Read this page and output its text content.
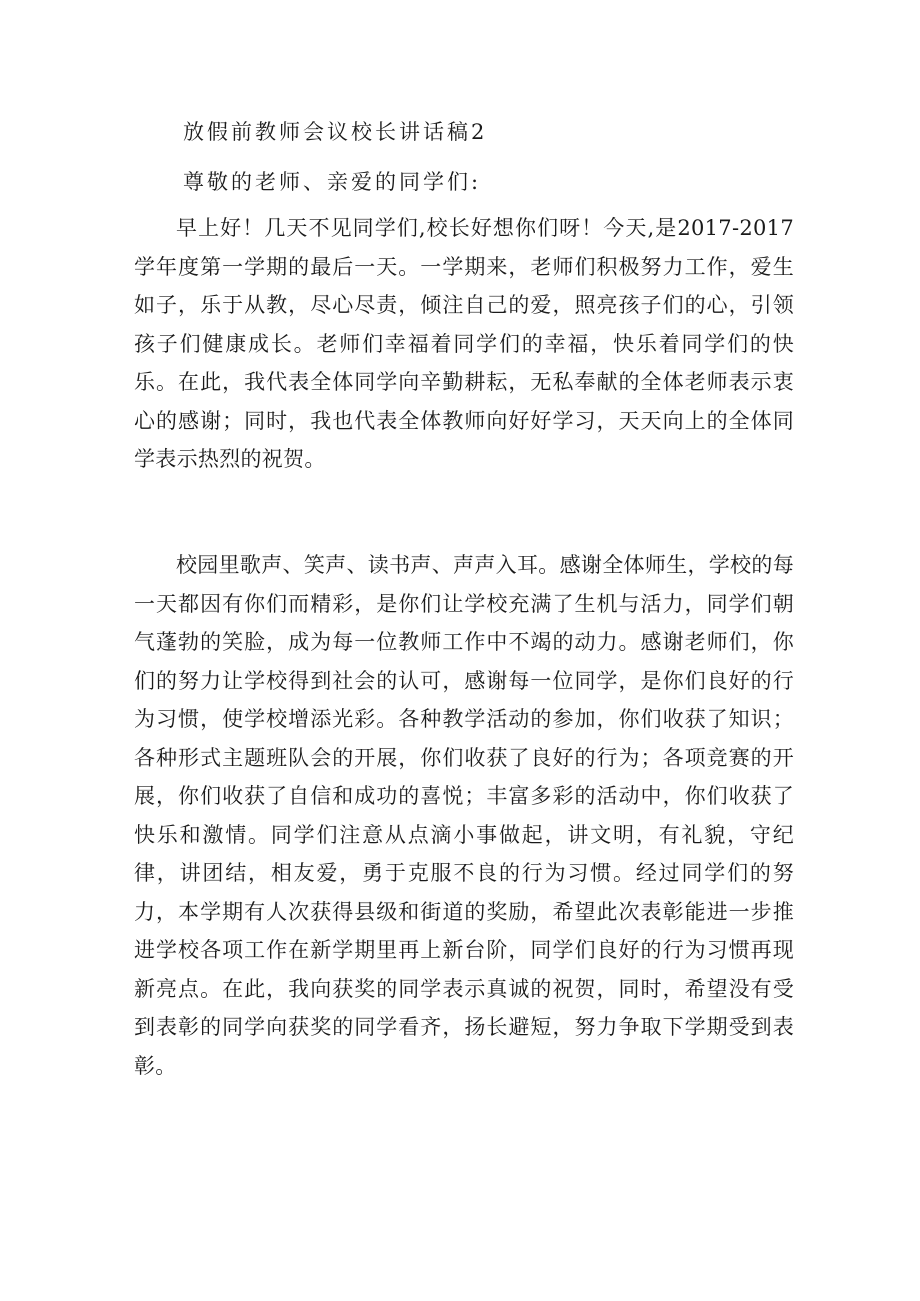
放假前教师会议校长讲话稿2
尊敬的老师、亲爱的同学们:

早上好！几天不见同学们,校长好想你们呀！今天,是2017-2017学年度第一学期的最后一天。一学期来，老师们积极努力工作，爱生如子，乐于从教，尽心尽责，倾注自己的爱，照亮孩子们的心，引领孩子们健康成长。老师们幸福着同学们的幸福，快乐着同学们的快乐。在此，我代表全体同学向辛勤耕耘，无私奉献的全体老师表示衷心的感谢；同时，我也代表全体教师向好好学习，天天向上的全体同学表示热烈的祝贺。

校园里歌声、笑声、读书声、声声入耳。感谢全体师生，学校的每一天都因有你们而精彩，是你们让学校充满了生机与活力，同学们朝气蓬勃的笑脸，成为每一位教师工作中不竭的动力。感谢老师们，你们的努力让学校得到社会的认可，感谢每一位同学，是你们良好的行为习惯，使学校增添光彩。各种教学活动的参加，你们收获了知识；各种形式主题班队会的开展，你们收获了良好的行为；各项竞赛的开展，你们收获了自信和成功的喜悦；丰富多彩的活动中，你们收获了快乐和激情。同学们注意从点滴小事做起，讲文明，有礼貌，守纪律，讲团结，相友爱，勇于克服不良的行为习惯。经过同学们的努力，本学期有人次获得县级和街道的奖励，希望此次表彰能进一步推进学校各项工作在新学期里再上新台阶，同学们良好的行为习惯再现新亮点。在此，我向获奖的同学表示真诚的祝贺，同时，希望没有受到表彰的同学向获奖的同学看齐，扬长避短，努力争取下学期受到表彰。
